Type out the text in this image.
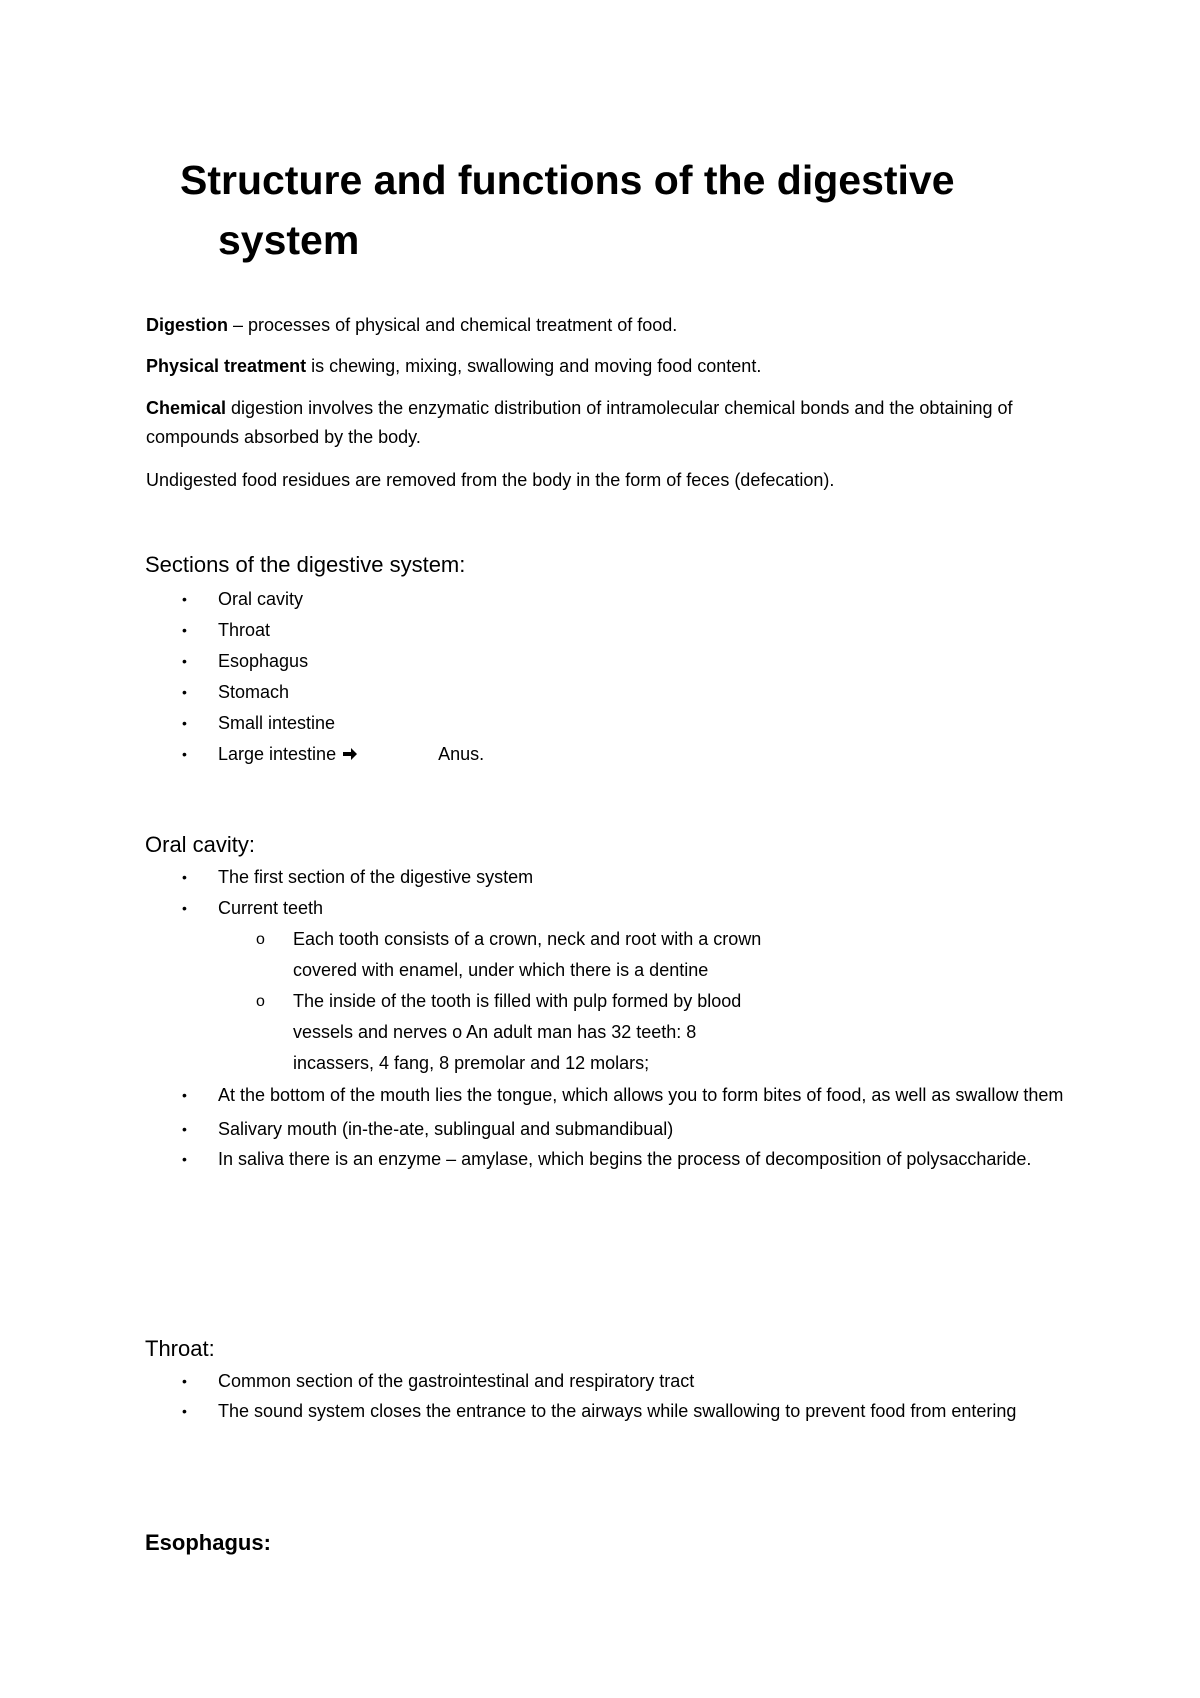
Structure and functions of the digestive
system

Digestion – processes of physical and chemical treatment of food.

Physical treatment is chewing, mixing, swallowing and moving food content.

Chemical digestion involves the enzymatic distribution of intramolecular chemical bonds and the obtaining of compounds absorbed by the body.

Undigested food residues are removed from the body in the form of feces (defecation).

Sections of the digestive system:
• Oral cavity
• Throat
• Esophagus
• Stomach
• Small intestine
• Large intestine	Anus.
Oral cavity:
• The first section of the digestive system
• Current teeth
o Each tooth consists of a crown, neck and root with a crown covered with enamel, under which there is a dentine
o The inside of the tooth is filled with pulp formed by blood vessels and nerves o An adult man has 32 teeth: 8 incassers, 4 fang, 8 premolar and 12 molars;
• At the bottom of the mouth lies the tongue, which allows you to form bites of food, as well as swallow them
• Salivary mouth (in-the-ate, sublingual and submandibual)
• In saliva there is an enzyme – amylase, which begins the process of decomposition of polysaccharide.
Throat:
• Common section of the gastrointestinal and respiratory tract
• The sound system closes the entrance to the airways while swallowing to prevent food from entering
Esophagus:
